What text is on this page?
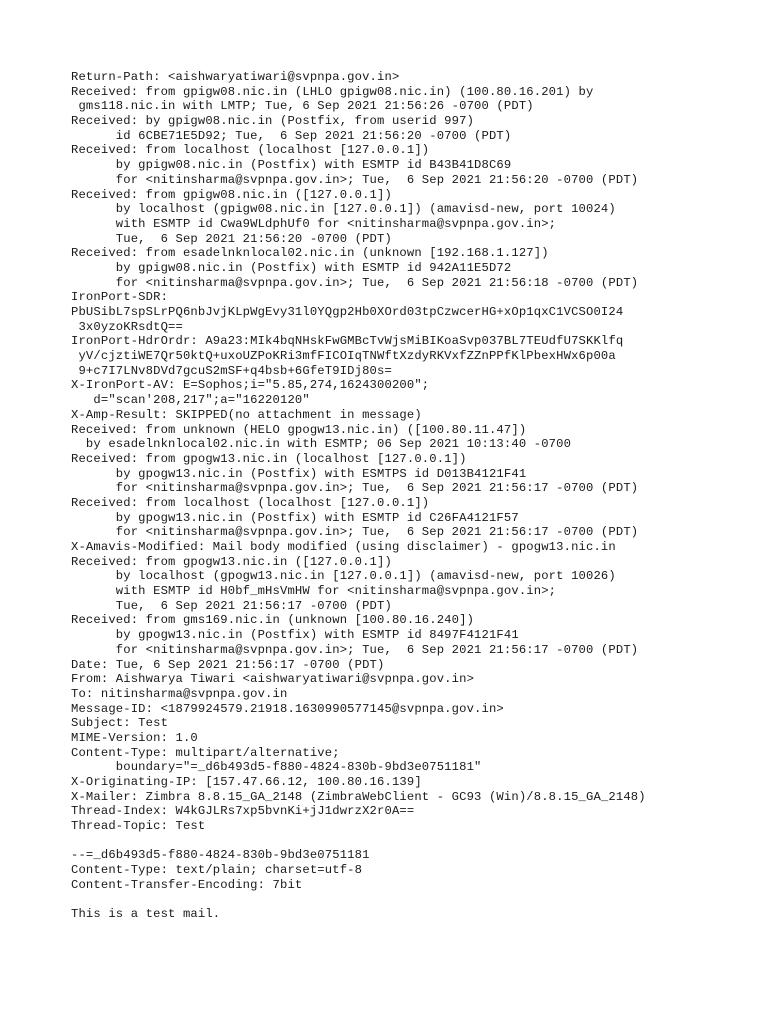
Return-Path: <aishwaryatiwari@svpnpa.gov.in>
Received: from gpigw08.nic.in (LHLO gpigw08.nic.in) (100.80.16.201) by
gms118.nic.in with LMTP; Tue, 6 Sep 2021 21:56:26 -0700 (PDT)
Received: by gpigw08.nic.in (Postfix, from userid 997)
id 6CBE71E5D92; Tue,  6 Sep 2021 21:56:20 -0700 (PDT)
Received: from localhost (localhost [127.0.0.1])
by gpigw08.nic.in (Postfix) with ESMTP id B43B41D8C69
for <nitinsharma@svpnpa.gov.in>; Tue,  6 Sep 2021 21:56:20 -0700 (PDT)
Received: from gpigw08.nic.in ([127.0.0.1])
by localhost (gpigw08.nic.in [127.0.0.1]) (amavisd-new, port 10024)
with ESMTP id Cwa9WLdphUf0 for <nitinsharma@svpnpa.gov.in>;
Tue,  6 Sep 2021 21:56:20 -0700 (PDT)
Received: from esadelnknlocal02.nic.in (unknown [192.168.1.127])
by gpigw08.nic.in (Postfix) with ESMTP id 942A11E5D72
for <nitinsharma@svpnpa.gov.in>; Tue,  6 Sep 2021 21:56:18 -0700 (PDT)
IronPort-SDR:
PbUSibL7spSLrPQ6nbJvjKLpWgEvy31l0YQgp2Hb0XOrd03tpCzwcerHG+xOp1qxC1VCSO0I24
3x0yzoKRsdtQ==
IronPort-HdrOrdr: A9a23:MIk4bqNHskFwGMBcTvWjsMiBIKoaSvp037BL7TEUdfU7SKKlfq
yV/cjztiWE7Qr50ktQ+uxoUZPoKRi3mfFICOIqTNWftXzdyRKVxfZZnPPfKlPbexHWx6p00a
9+c7I7LNv8DVd7gcuS2mSF+q4bsb+6GfeT9IDj80s=
X-IronPort-AV: E=Sophos;i="5.85,274,1624300200";
d="scan'208,217";a="16220120"
X-Amp-Result: SKIPPED(no attachment in message)
Received: from unknown (HELO gpogw13.nic.in) ([100.80.11.47])
by esadelnknlocal02.nic.in with ESMTP; 06 Sep 2021 10:13:40 -0700
Received: from gpogw13.nic.in (localhost [127.0.0.1])
by gpogw13.nic.in (Postfix) with ESMTPS id D013B4121F41
for <nitinsharma@svpnpa.gov.in>; Tue,  6 Sep 2021 21:56:17 -0700 (PDT)
Received: from localhost (localhost [127.0.0.1])
by gpogw13.nic.in (Postfix) with ESMTP id C26FA4121F57
for <nitinsharma@svpnpa.gov.in>; Tue,  6 Sep 2021 21:56:17 -0700 (PDT)
X-Amavis-Modified: Mail body modified (using disclaimer) - gpogw13.nic.in
Received: from gpogw13.nic.in ([127.0.0.1])
by localhost (gpogw13.nic.in [127.0.0.1]) (amavisd-new, port 10026)
with ESMTP id H0bf_mHsVmHW for <nitinsharma@svpnpa.gov.in>;
Tue,  6 Sep 2021 21:56:17 -0700 (PDT)
Received: from gms169.nic.in (unknown [100.80.16.240])
by gpogw13.nic.in (Postfix) with ESMTP id 8497F4121F41
for <nitinsharma@svpnpa.gov.in>; Tue,  6 Sep 2021 21:56:17 -0700 (PDT)
Date: Tue, 6 Sep 2021 21:56:17 -0700 (PDT)
From: Aishwarya Tiwari <aishwaryatiwari@svpnpa.gov.in>
To: nitinsharma@svpnpa.gov.in
Message-ID: <1879924579.21918.1630990577145@svpnpa.gov.in>
Subject: Test
MIME-Version: 1.0
Content-Type: multipart/alternative;
boundary="=_d6b493d5-f880-4824-830b-9bd3e0751181"
X-Originating-IP: [157.47.66.12, 100.80.16.139]
X-Mailer: Zimbra 8.8.15_GA_2148 (ZimbraWebClient - GC93 (Win)/8.8.15_GA_2148)
Thread-Index: W4kGJLRs7xp5bvnKi+jJ1dwrzX2r0A==
Thread-Topic: Test
--=_d6b493d5-f880-4824-830b-9bd3e0751181
Content-Type: text/plain; charset=utf-8
Content-Transfer-Encoding: 7bit
This is a test mail.
